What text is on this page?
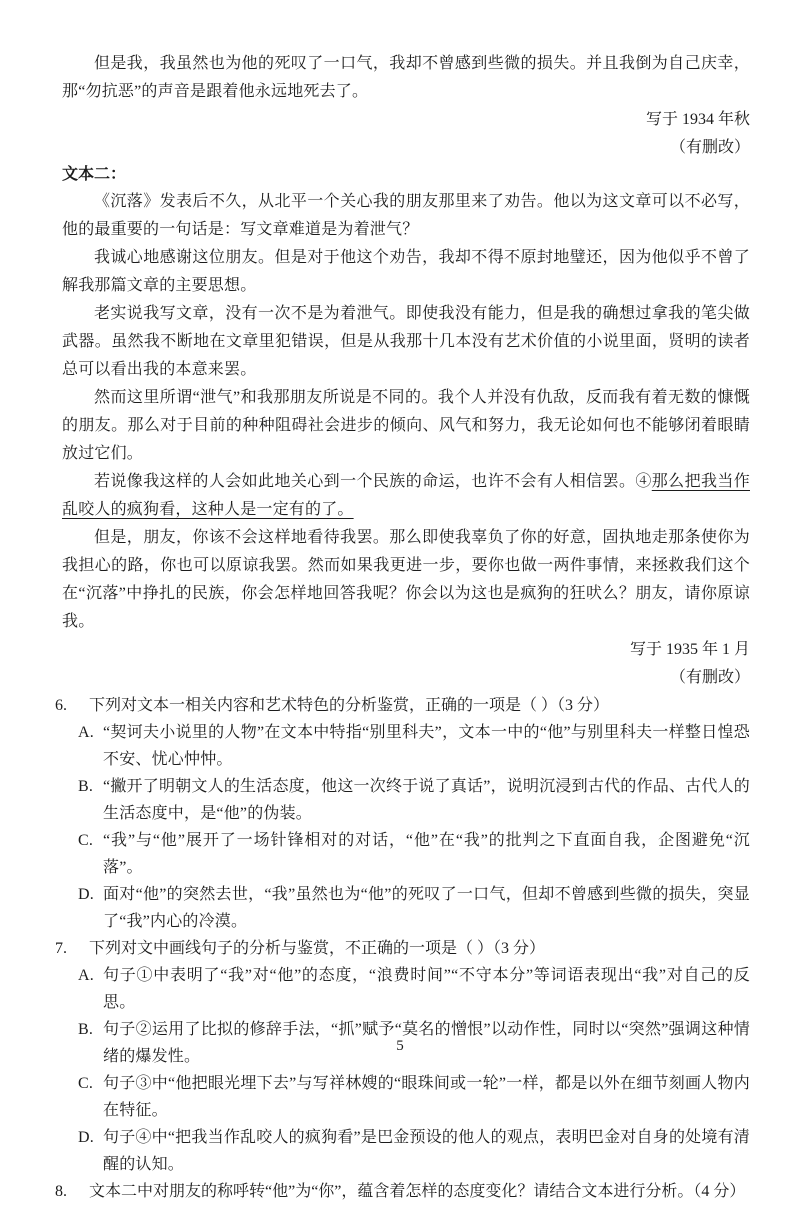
但是我，我虽然也为他的死叹了一口气，我却不曾感到些微的损失。并且我倒为自己庆幸，那“勿抗恶”的声音是跟着他永远地死去了。

写于 1934 年秋

（有删改）

文本二：

《沉落》发表后不久，从北平一个关心我的朋友那里来了劝告。他以为这文章可以不必写，他的最重要的一句话是：写文章难道是为着泄气？

我诚心地感谢这位朋友。但是对于他这个劝告，我却不得不原封地璧还，因为他似乎不曾了解我那篇文章的主要思想。

老实说我写文章，没有一次不是为着泄气。即使我没有能力，但是我的确想过拿我的笔尖做武器。虽然我不断地在文章里犯错误，但是从我那十几本没有艺术价值的小说里面，贤明的读者总可以看出我的本意来罢。

然而这里所谓“泄气”和我那朋友所说是不同的。我个人并没有仇敌，反而我有着无数的慷慨的朋友。那么对于目前的种种阻碍社会进步的倾向、风气和努力，我无论如何也不能够闭着眼睛放过它们。

若说像我这样的人会如此地关心到一个民族的命运，也许不会有人相信罢。④那么把我当作乱咬人的疯狗看，这种人是一定有的了。

但是，朋友，你该不会这样地看待我罢。那么即使我辜负了你的好意，固执地走那条使你为我担心的路，你也可以原谅我罢。然而如果我更进一步，要你也做一两件事情，来拯救我们这个在“沉落”中挣扎的民族，你会怎样地回答我呢？你会以为这也是疯狗的狂吠么？朋友，请你原谅我。

写于 1935 年 1 月

（有删改）

6. 下列对文本一相关内容和艺术特色的分析鉴赏，正确的一项是（ ）（3 分）

A. “契诃夫小说里的人物”在文本中特指“别里科夫”，文本一中的“他”与别里科夫一样整日惶恐不安、忧心忡忡。
B. “撇开了明朝文人的生活态度，他这一次终于说了真话”，说明沉浸到古代的作品、古代人的生活态度中，是“他”的伪装。
C. “我”与“他”展开了一场针锋相对的对话，“他”在“我”的批判之下直面自我，企图避免“沉落”。
D. 面对“他”的突然去世，“我”虽然也为“他”的死叹了一口气，但却不曾感到些微的损失，突显了“我”内心的冷漠。

7. 下列对文中画线句子的分析与鉴赏，不正确的一项是（ ）（3 分）

A. 句子①中表明了“我”对“他”的态度，“浪费时间”“不守本分”等词语表现出“我”对自己的反思。
B. 句子②运用了比拟的修辞手法，“抓”赋予“莫名的憎恨”以动作性，同时以“突然”强调这种情绪的爆发性。
C. 句子③中“他把眼光埋下去”与写祥林嫂的“眼珠间或一轮”一样，都是以外在细节刻画人物内在特征。
D. 句子④中“把我当作乱咬人的疯狗看”是巴金预设的他人的观点，表明巴金对自身的处境有清醒的认知。

8. 文本二中对朋友的称呼转“他”为“你”，蕴含着怎样的态度变化？请结合文本进行分析。（4 分）

5
